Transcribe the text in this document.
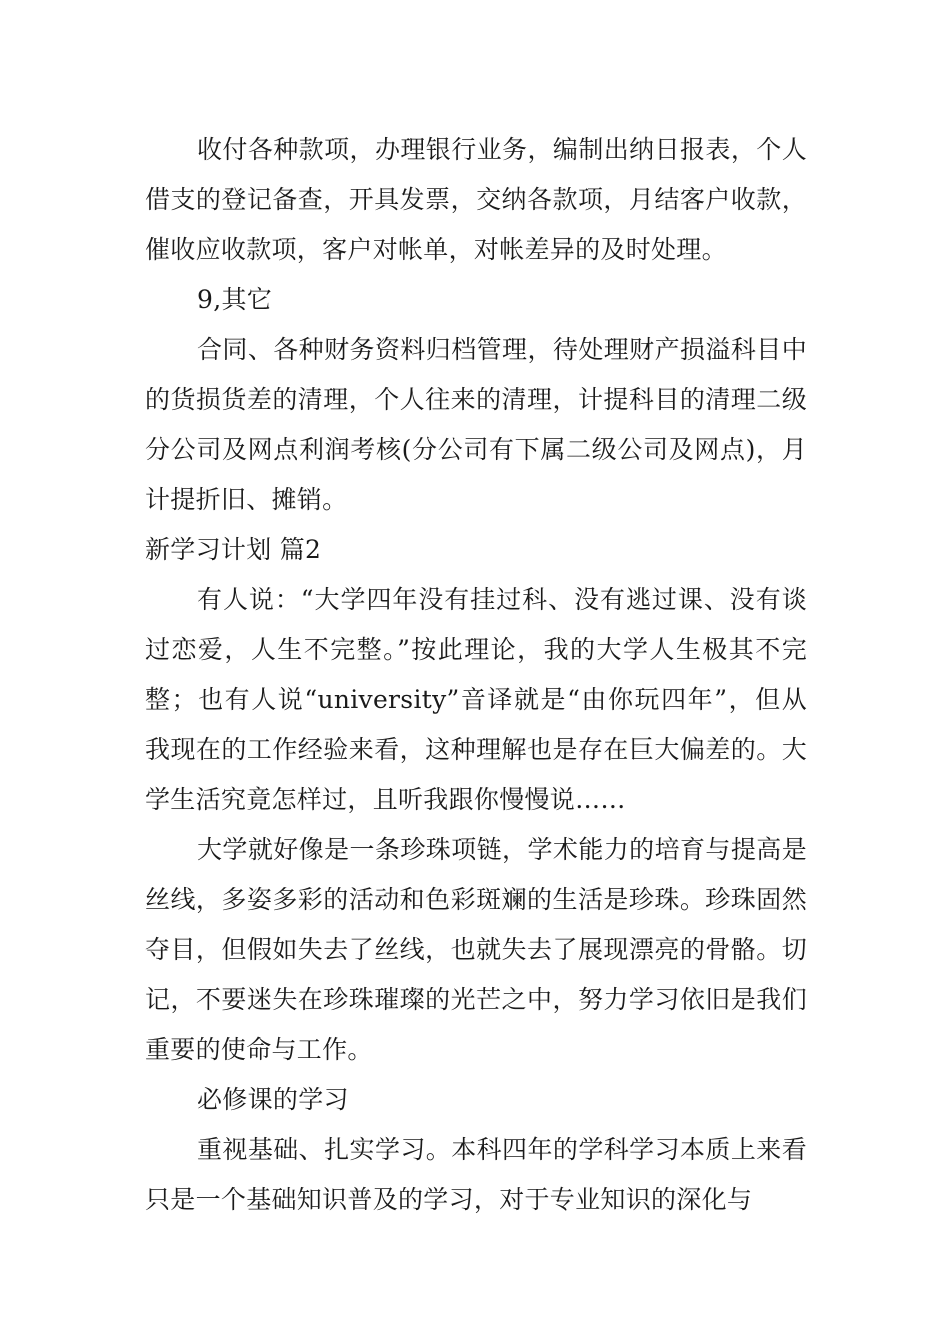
收付各种款项，办理银行业务，编制出纳日报表，个人借支的登记备查，开具发票，交纳各款项，月结客户收款，催收应收款项，客户对帐单，对帐差异的及时处理。

9,其它

合同、各种财务资料归档管理，待处理财产损溢科目中的货损货差的清理，个人往来的清理，计提科目的清理二级分公司及网点利润考核(分公司有下属二级公司及网点)，月计提折旧、摊销。

新学习计划 篇2

有人说：“大学四年没有挂过科、没有逃过课、没有谈过恋爱，人生不完整。”按此理论，我的大学人生极其不完整；也有人说“university”音译就是“由你玩四年”，但从我现在的工作经验来看，这种理解也是存在巨大偏差的。大学生活究竟怎样过，且听我跟你慢慢说……

大学就好像是一条珍珠项链，学术能力的培育与提高是丝线，多姿多彩的活动和色彩斑斓的生活是珍珠。珍珠固然夺目，但假如失去了丝线，也就失去了展现漂亮的骨骼。切记，不要迷失在珍珠璀璨的光芒之中，努力学习依旧是我们重要的使命与工作。

必修课的学习

重视基础、扎实学习。本科四年的学科学习本质上来看只是一个基础知识普及的学习，对于专业知识的深化与
